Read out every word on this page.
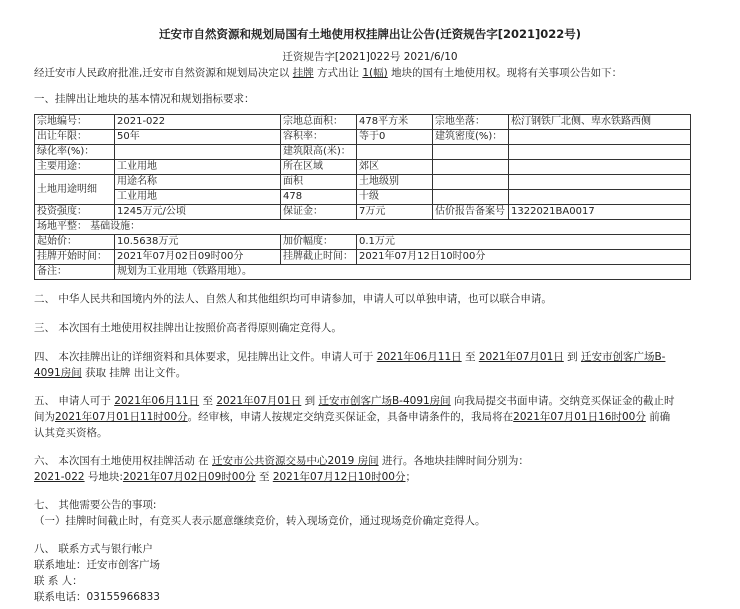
迁安市自然资源和规划局国有土地使用权挂牌出让公告(迁资规告字[2021]022号)
迁资规告字[2021]022号 2021/6/10
经迁安市人民政府批准,迁安市自然资源和规划局决定以 挂牌 方式出让 1(幅) 地块的国有土地使用权。现将有关事项公告如下：
一、挂牌出让地块的基本情况和规划指标要求：
宗地编号：	2021-022	宗地总面积：	478平方米	宗地坐落：	松汀钢铁厂北侧、卑水铁路西侧
出让年限：	50年	容积率：	等于0	建筑密度(%)：	
绿化率(%)：		建筑限高(米)：			
主要用途：	工业用地	所在区域	郊区		
土地用途明细	用途名称	面积	土地级别		
	工业用地	478	十级		
投资强度：	1245万元/公顷	保证金：	7万元	估价报告备案号	1322021BA0017
场地平整： 基础设施：					
起始价：	10.5638万元	加价幅度：	0.1万元		
挂牌开始时间：	2021年07月02日09时00分	挂牌截止时间：	2021年07月12日10时00分		
备注：	规划为工业用地（铁路用地）。				
二、 中华人民共和国境内外的法人、自然人和其他组织均可申请参加，申请人可以单独申请，也可以联合申请。
三、 本次国有土地使用权挂牌出让按照价高者得原则确定竞得人。
四、 本次挂牌出让的详细资料和具体要求，见挂牌出让文件。申请人可于 2021年06月11日 至 2021年07月01日 到 迁安市创客广场B-
4091房间 获取 挂牌 出让文件。
五、 申请人可于 2021年06月11日 至 2021年07月01日 到 迁安市创客广场B-4091房间 向我局提交书面申请。交纳竞买保证金的截止时
间为2021年07月01日11时00分。经审核，申请人按规定交纳竞买保证金，具备申请条件的，我局将在2021年07月01日16时00分 前确
认其竞买资格。
六、 本次国有土地使用权挂牌活动 在 迁安市公共资源交易中心2019 房间 进行。各地块挂牌时间分别为：
2021-022 号地块:2021年07月02日09时00分 至 2021年07月12日10时00分；
七、 其他需要公告的事项:
（一）挂牌时间截止时，有竞买人表示愿意继续竞价，转入现场竞价，通过现场竞价确定竞得人。
八、 联系方式与银行帐户
联系地址：迁安市创客广场
联 系 人：
联系电话：03155966833
